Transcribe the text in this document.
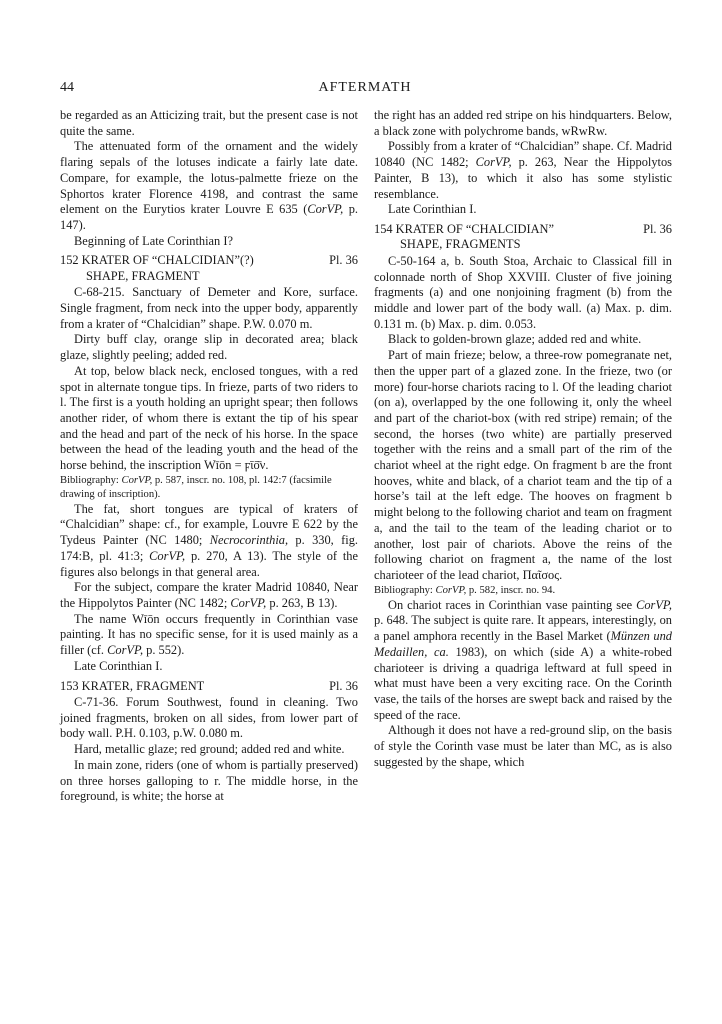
44	AFTERMATH

be regarded as an Atticizing trait, but the present case is not quite the same.

The attenuated form of the ornament and the widely flaring sepals of the lotuses indicate a fairly late date. Compare, for example, the lotus-palmette frieze on the Sphortos krater Florence 4198, and contrast the same element on the Eurytios krater Louvre E 635 (CorVP, p. 147).

Beginning of Late Corinthian I?

152 KRATER OF “CHALCIDIAN”(?)	Pl. 36
SHAPE, FRAGMENT

C-68-215. Sanctuary of Demeter and Kore, surface. Single fragment, from neck into the upper body, apparently from a krater of “Chalcidian” shape. P.W. 0.070 m.

Dirty buff clay, orange slip in decorated area; black glaze, slightly peeling; added red.

At top, below black neck, enclosed tongues, with a red spot in alternate tongue tips. In frieze, parts of two riders to l. The first is a youth holding an upright spear; then follows another rider, of whom there is extant the tip of his spear and the head and part of the neck of his horse. In the space between the head of the leading youth and the head of the horse behind, the inscription Wīōn = ϝῑō̄ν.

Bibliography: CorVP, p. 587, inscr. no. 108, pl. 142:7 (facsimile drawing of inscription).

The fat, short tongues are typical of kraters of “Chalcidian” shape: cf., for example, Louvre E 622 by the Tydeus Painter (NC 1480; Necrocorinthia, p. 330, fig. 174:B, pl. 41:3; CorVP, p. 270, A 13). The style of the figures also belongs in that general area.

For the subject, compare the krater Madrid 10840, Near the Hippolytos Painter (NC 1482; CorVP, p. 263, B 13).

The name Wīōn occurs frequently in Corinthian vase painting. It has no specific sense, for it is used mainly as a filler (cf. CorVP, p. 552).

Late Corinthian I.

153 KRATER, FRAGMENT	Pl. 36

C-71-36. Forum Southwest, found in cleaning. Two joined fragments, broken on all sides, from lower part of body wall. P.H. 0.103, p.W. 0.080 m.

Hard, metallic glaze; red ground; added red and white.

In main zone, riders (one of whom is partially preserved) on three horses galloping to r. The middle horse, in the foreground, is white; the horse at

the right has an added red stripe on his hindquarters. Below, a black zone with polychrome bands, wRwRw.

Possibly from a krater of “Chalcidian” shape. Cf. Madrid 10840 (NC 1482; CorVP, p. 263, Near the Hippolytos Painter, B 13), to which it also has some stylistic resemblance.

Late Corinthian I.

154 KRATER OF “CHALCIDIAN”	Pl. 36
SHAPE, FRAGMENTS

C-50-164 a, b. South Stoa, Archaic to Classical fill in colonnade north of Shop XXVIII. Cluster of five joining fragments (a) and one nonjoining fragment (b) from the middle and lower part of the body wall. (a) Max. p. dim. 0.131 m. (b) Max. p. dim. 0.053.

Black to golden-brown glaze; added red and white.

Part of main frieze; below, a three-row pomegranate net, then the upper part of a glazed zone. In the frieze, two (or more) four-horse chariots racing to l. Of the leading chariot (on a), overlapped by the one following it, only the wheel and part of the chariot-box (with red stripe) remain; of the second, the horses (two white) are partially preserved together with the reins and a small part of the rim of the chariot wheel at the right edge. On fragment b are the front hooves, white and black, of a chariot team and the tip of a horse’s tail at the left edge. The hooves on fragment b might belong to the following chariot and team on fragment a, and the tail to the team of the leading chariot or to another, lost pair of chariots. Above the reins of the following chariot on fragment a, the name of the lost charioteer of the lead chariot, Παῖσος.

Bibliography: CorVP, p. 582, inscr. no. 94.

On chariot races in Corinthian vase painting see CorVP, p. 648. The subject is quite rare. It appears, interestingly, on a panel amphora recently in the Basel Market (Münzen und Medaillen, ca. 1983), on which (side A) a white-robed charioteer is driving a quadriga leftward at full speed in what must have been a very exciting race. On the Corinth vase, the tails of the horses are swept back and raised by the speed of the race.

Although it does not have a red-ground slip, on the basis of style the Corinth vase must be later than MC, as is also suggested by the shape, which
